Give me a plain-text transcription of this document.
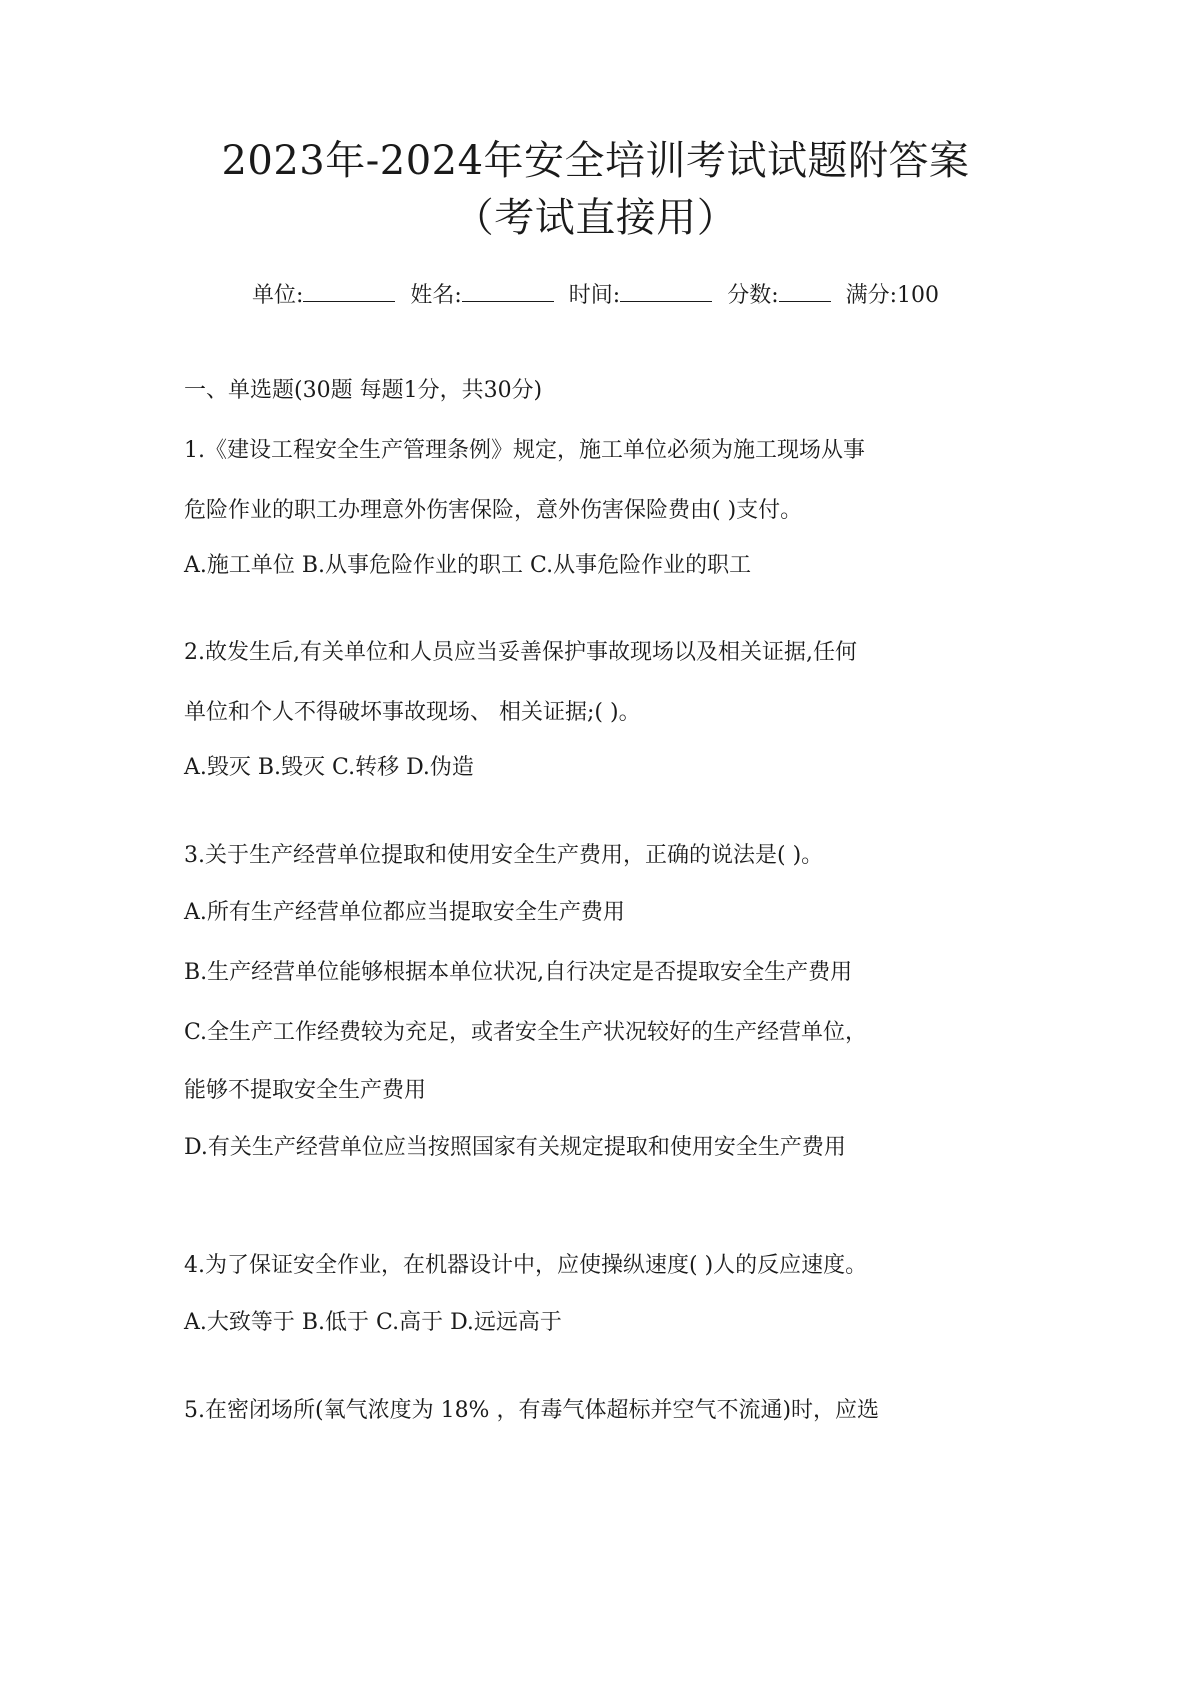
2023年-2024年安全培训考试试题附答案
（考试直接用）
单位:	姓名:	时间:	分数:	满分:100
一、单选题(30题 每题1分，共30分)
1.《建设工程安全生产管理条例》规定，施工单位必须为施工现场从事
危险作业的职工办理意外伤害保险，意外伤害保险费由( )支付。
A.施工单位 B.从事危险作业的职工 C.从事危险作业的职工
2.故发生后,有关单位和人员应当妥善保护事故现场以及相关证据,任何
单位和个人不得破坏事故现场、 相关证据;( )。
A.毁灭 B.毁灭 C.转移 D.伪造
3.关于生产经营单位提取和使用安全生产费用，正确的说法是( )。
A.所有生产经营单位都应当提取安全生产费用
B.生产经营单位能够根据本单位状况,自行决定是否提取安全生产费用
C.全生产工作经费较为充足，或者安全生产状况较好的生产经营单位，
能够不提取安全生产费用
D.有关生产经营单位应当按照国家有关规定提取和使用安全生产费用
4.为了保证安全作业，在机器设计中，应使操纵速度( )人的反应速度。
A.大致等于 B.低于 C.高于 D.远远高于
5.在密闭场所(氧气浓度为 18% ，有毒气体超标并空气不流通)时，应选
